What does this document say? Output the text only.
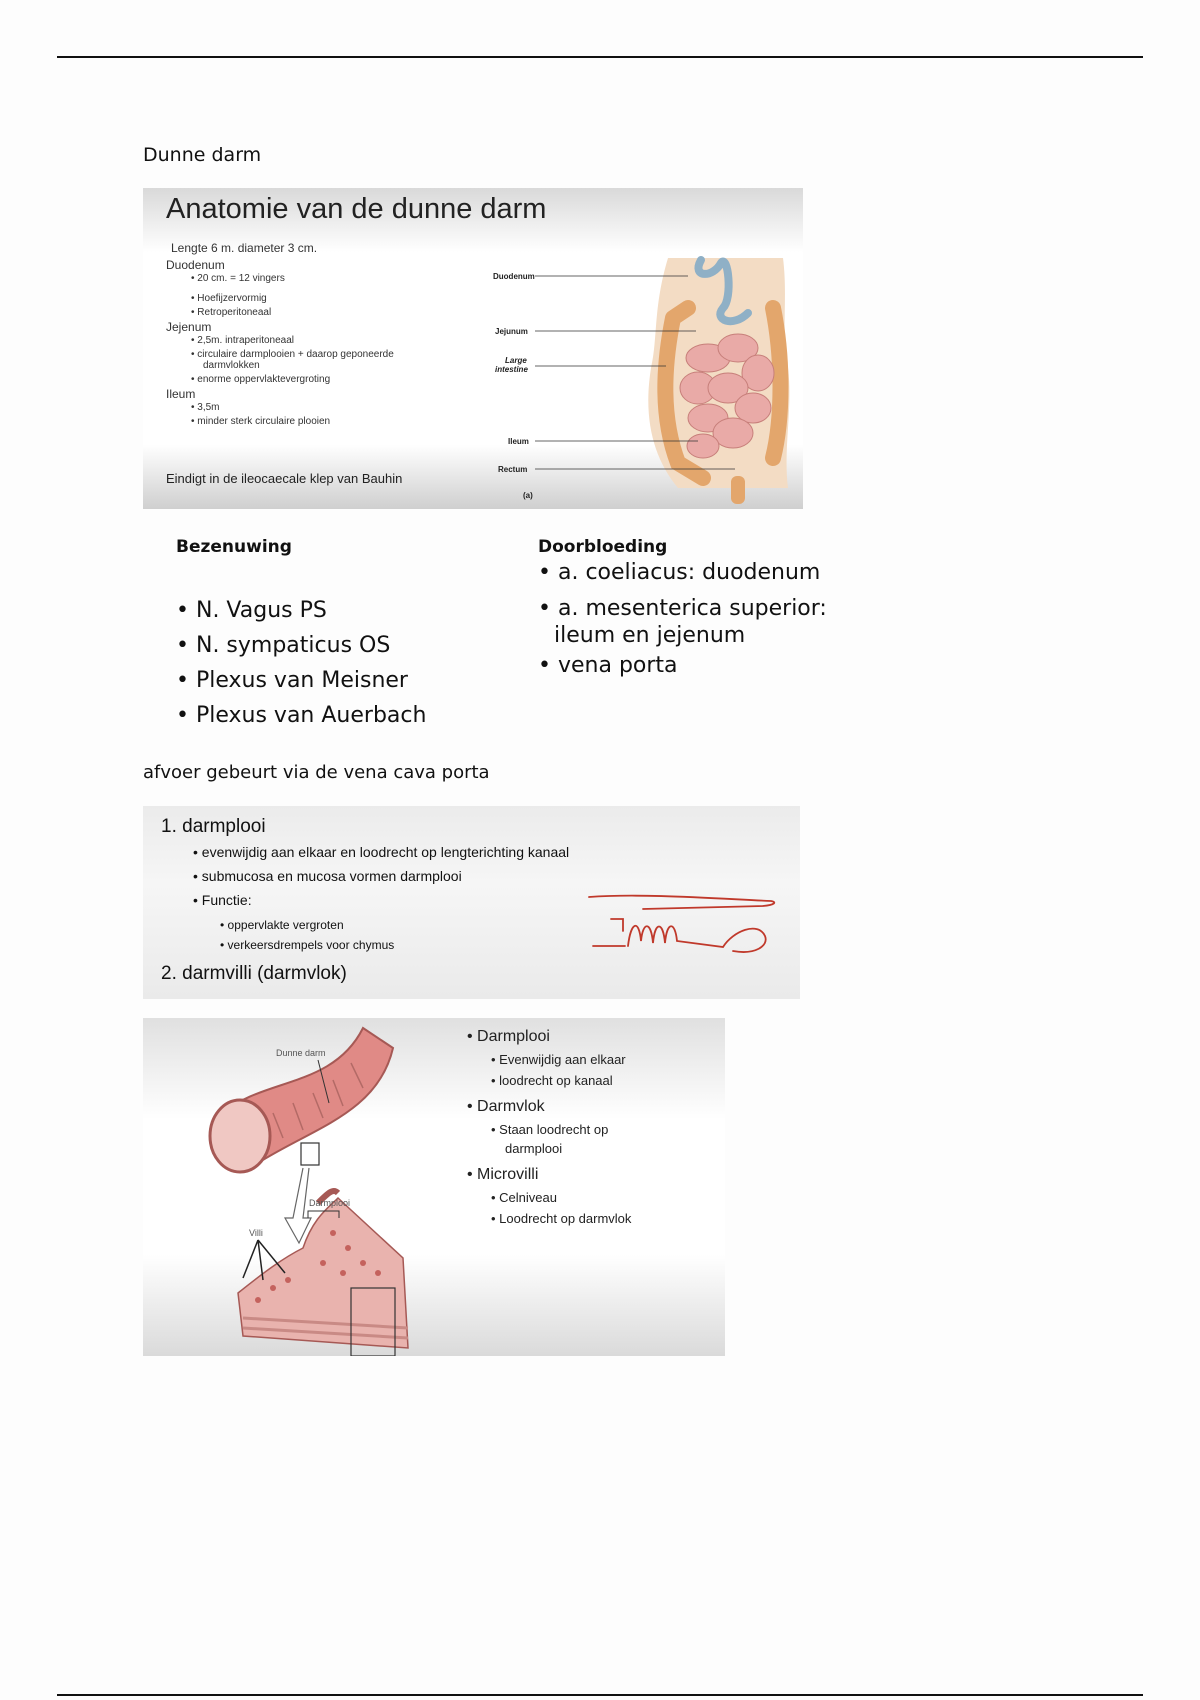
Dunne darm
Anatomie van de dunne darm
Lengte 6 m. diameter 3 cm.
Duodenum
• 20 cm. = 12 vingers
• Hoefijzervormig
• Retroperitoneaal
Jejenum
• 2,5m. intraperitoneaal
• circulaire darmplooien + daarop geponeerde
darmvlokken
• enorme oppervlaktevergroting
Ileum
• 3,5m
• minder sterk circulaire plooien
Eindigt in de ileocaecale klep van Bauhin
Duodenum
Jejunum
Large
intestine
Ileum
Rectum
(a)
Bezenuwing
• N. Vagus PS
• N. sympaticus OS
• Plexus van Meisner
• Plexus van Auerbach
Doorbloeding
• a. coeliacus: duodenum
• a. mesenterica superior:
ileum en jejenum
• vena porta
afvoer gebeurt via de vena cava porta
1. darmplooi
• evenwijdig aan elkaar en loodrecht op lengterichting kanaal
• submucosa en mucosa vormen darmplooi
• Functie:
• oppervlakte vergroten
• verkeersdrempels voor chymus
2. darmvilli (darmvlok)
Dunne darm
Darmplooi
Villi
• Darmplooi
• Evenwijdig aan elkaar
• loodrecht op kanaal
• Darmvlok
• Staan loodrecht op
darmplooi
• Microvilli
• Celniveau
• Loodrecht op darmvlok
